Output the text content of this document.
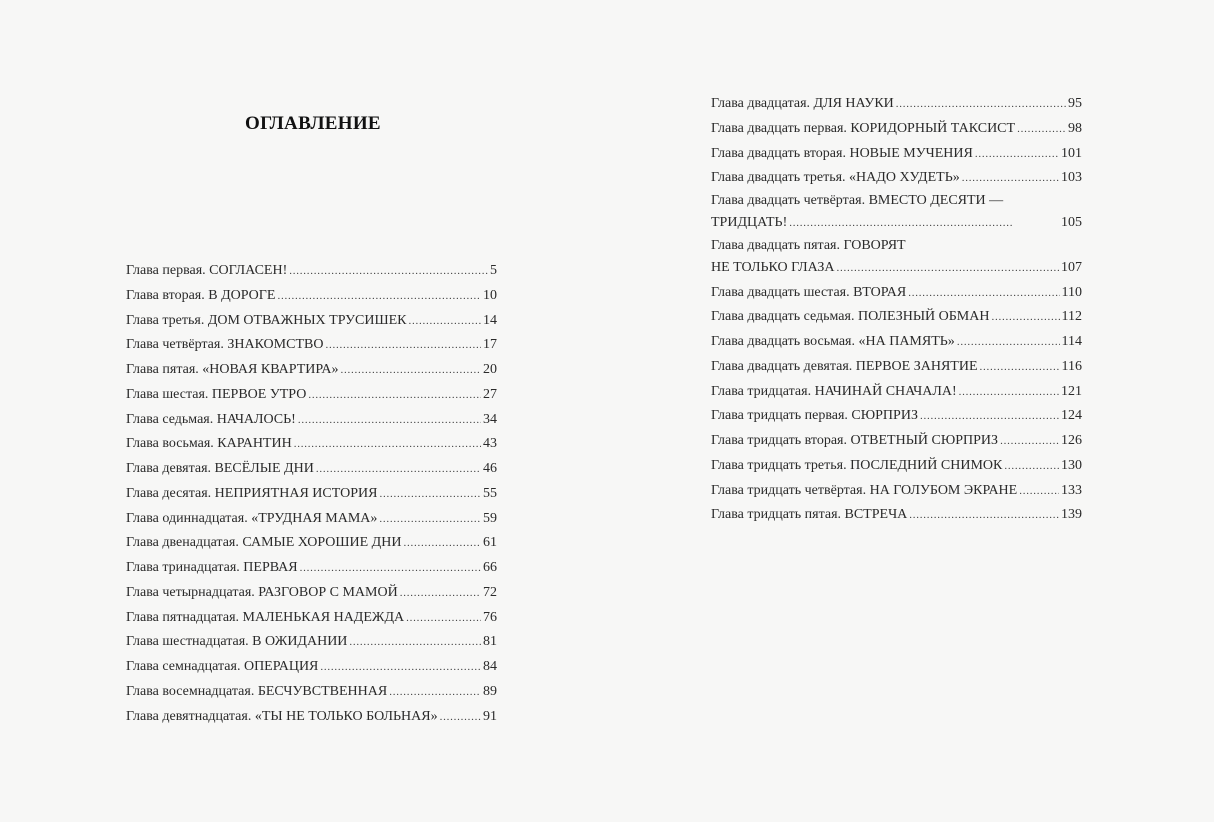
ОГЛАВЛЕНИЕ
Глава первая. СОГЛАСЕН! . . .	5
Глава вторая. В ДОРОГЕ . . .	10
Глава третья. ДОМ ОТВАЖНЫХ ТРУСИШЕК . . .	14
Глава четвёртая. ЗНАКОМСТВО . . .	17
Глава пятая. «НОВАЯ КВАРТИРА» . . .	20
Глава шестая. ПЕРВОЕ УТРО . . .	27
Глава седьмая. НАЧАЛОСЬ! . . .	34
Глава восьмая. КАРАНТИН . . .	43
Глава девятая. ВЕСЁЛЫЕ ДНИ . . .	46
Глава десятая. НЕПРИЯТНАЯ ИСТОРИЯ . . .	55
Глава одиннадцатая. «ТРУДНАЯ МАМА» . . .	59
Глава двенадцатая. САМЫЕ ХОРОШИЕ ДНИ . . .	61
Глава тринадцатая. ПЕРВАЯ . . .	66
Глава четырнадцатая. РАЗГОВОР С МАМОЙ . . .	72
Глава пятнадцатая. МАЛЕНЬКАЯ НАДЕЖДА . . .	76
Глава шестнадцатая. В ОЖИДАНИИ . . .	81
Глава семнадцатая. ОПЕРАЦИЯ . . .	84
Глава восемнадцатая. БЕСЧУВСТВЕННАЯ . . .	89
Глава девятнадцатая. «ТЫ НЕ ТОЛЬКО БОЛЬНАЯ» . . .	91
Глава двадцатая. ДЛЯ НАУКИ . . .	95
Глава двадцать первая. КОРИДОРНЫЙ ТАКСИСТ . . .	98
Глава двадцать вторая. НОВЫЕ МУЧЕНИЯ . . .	101
Глава двадцать третья. «НАДО ХУДЕТЬ» . . .	103
Глава двадцать четвёртая. ВМЕСТО ДЕСЯТИ —
ТРИДЦАТЬ! . . .	105
Глава двадцать пятая. ГОВОРЯТ
НЕ ТОЛЬКО ГЛАЗА . . .	107
Глава двадцать шестая. ВТОРАЯ . . .	110
Глава двадцать седьмая. ПОЛЕЗНЫЙ ОБМАН . . .	112
Глава двадцать восьмая. «НА ПАМЯТЬ» . . .	114
Глава двадцать девятая. ПЕРВОЕ ЗАНЯТИЕ . . .	116
Глава тридцатая. НАЧИНАЙ СНАЧАЛА! . . .	121
Глава тридцать первая. СЮРПРИЗ . . .	124
Глава тридцать вторая. ОТВЕТНЫЙ СЮРПРИЗ . . .	126
Глава тридцать третья. ПОСЛЕДНИЙ СНИМОК . . .	130
Глава тридцать четвёртая. НА ГОЛУБОМ ЭКРАНЕ . . .	133
Глава тридцать пятая. ВСТРЕЧА . . .	139
